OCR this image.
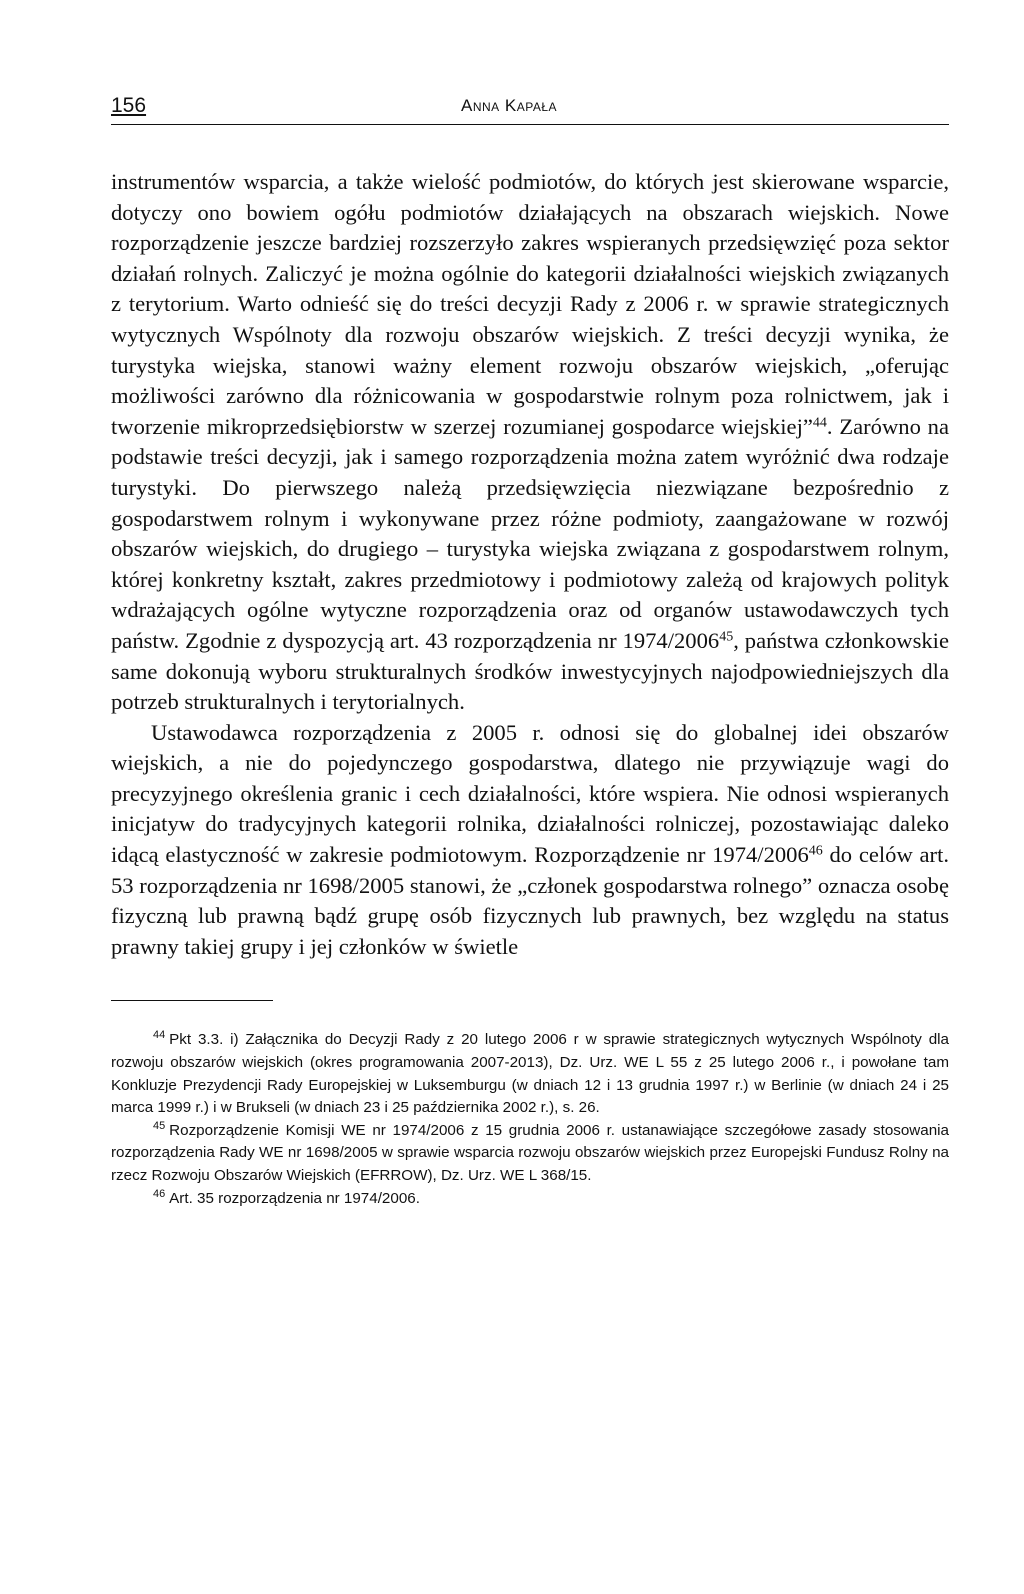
156	Anna Kapała

instrumentów wsparcia, a także wielość podmiotów, do których jest skierowane wsparcie, dotyczy ono bowiem ogółu podmiotów działających na obszarach wiejskich. Nowe rozporządzenie jeszcze bardziej rozszerzyło zakres wspieranych przedsięwzięć poza sektor działań rolnych. Zaliczyć je można ogólnie do kategorii działalności wiejskich związanych z terytorium. Warto odnieść się do treści decyzji Rady z 2006 r. w sprawie strategicznych wytycznych Wspólnoty dla rozwoju obszarów wiejskich. Z treści decyzji wynika, że turystyka wiejska, stanowi ważny element rozwoju obszarów wiejskich, „oferując możliwości zarówno dla różnicowania w gospodarstwie rolnym poza rolnictwem, jak i tworzenie mikroprzedsiębiorstw w szerzej rozumianej gospodarce wiejskiej”$^{44}$. Zarówno na podstawie treści decyzji, jak i samego rozporządzenia można zatem wyróżnić dwa rodzaje turystyki. Do pierwszego należą przedsięwzięcia niezwiązane bezpośrednio z gospodarstwem rolnym i wykonywane przez różne podmioty, zaangażowane w rozwój obszarów wiejskich, do drugiego – turystyka wiejska związana z gospodarstwem rolnym, której konkretny kształt, zakres przedmiotowy i podmiotowy zależą od krajowych polityk wdrażających ogólne wytyczne rozporządzenia oraz od organów ustawodawczych tych państw. Zgodnie z dyspozycją art. 43 rozporządzenia nr 1974/2006$^{45}$, państwa członkowskie same dokonują wyboru strukturalnych środków inwestycyjnych najodpowiedniejszych dla potrzeb strukturalnych i terytorialnych.

Ustawodawca rozporządzenia z 2005 r. odnosi się do globalnej idei obszarów wiejskich, a nie do pojedynczego gospodarstwa, dlatego nie przywiązuje wagi do precyzyjnego określenia granic i cech działalności, które wspiera. Nie odnosi wspieranych inicjatyw do tradycyjnych kategorii rolnika, działalności rolniczej, pozostawiając daleko idącą elastyczność w zakresie podmiotowym. Rozporządzenie nr 1974/2006$^{46}$ do celów art. 53 rozporządzenia nr 1698/2005 stanowi, że „członek gospodarstwa rolnego” oznacza osobę fizyczną lub prawną bądź grupę osób fizycznych lub prawnych, bez względu na status prawny takiej grupy i jej członków w świetle

$^{44}$ Pkt 3.3. i) Załącznika do Decyzji Rady z 20 lutego 2006 r w sprawie strategicznych wytycznych Wspólnoty dla rozwoju obszarów wiejskich (okres programowania 2007-2013), Dz. Urz. WE L 55 z 25 lutego 2006 r., i powołane tam Konkluzje Prezydencji Rady Europejskiej w Luksemburgu (w dniach 12 i 13 grudnia 1997 r.) w Berlinie (w dniach 24 i 25 marca 1999 r.) i w Brukseli (w dniach 23 i 25 października 2002 r.), s. 26.

$^{45}$ Rozporządzenie Komisji WE nr 1974/2006 z 15 grudnia 2006 r. ustanawiające szczegółowe zasady stosowania rozporządzenia Rady WE nr 1698/2005 w sprawie wsparcia rozwoju obszarów wiejskich przez Europejski Fundusz Rolny na rzecz Rozwoju Obszarów Wiejskich (EFRROW), Dz. Urz. WE L 368/15.

$^{46}$ Art. 35 rozporządzenia nr 1974/2006.
